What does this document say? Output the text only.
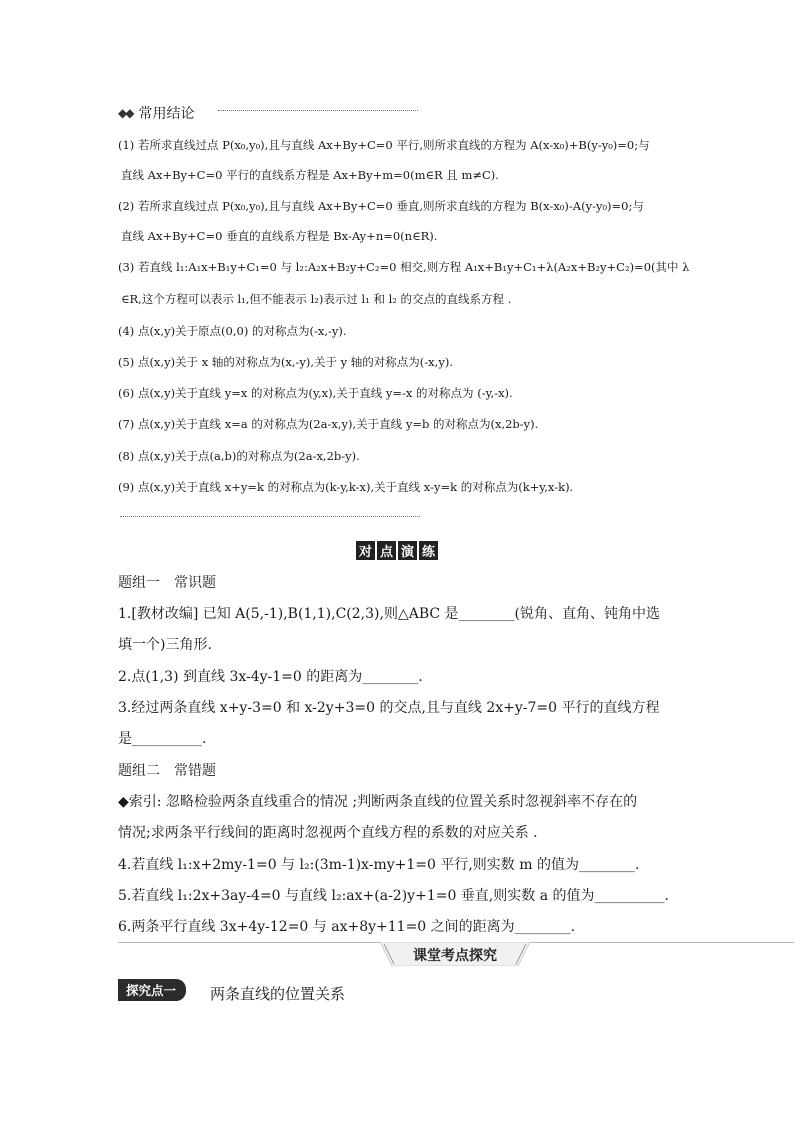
◆◆ 常用结论
(1) 若所求直线过点 P(x₀,y₀),且与直线 Ax+By+C=0 平行,则所求直线的方程为 A(x-x₀)+B(y-y₀)=0;与
直线 Ax+By+C=0 平行的直线系方程是 Ax+By+m=0(m∈R 且 m≠C).
(2) 若所求直线过点 P(x₀,y₀),且与直线 Ax+By+C=0 垂直,则所求直线的方程为 B(x-x₀)-A(y-y₀)=0;与
直线 Ax+By+C=0 垂直的直线系方程是 Bx-Ay+n=0(n∈R).
(3) 若直线 l₁:A₁x+B₁y+C₁=0 与 l₂:A₂x+B₂y+C₂=0 相交,则方程 A₁x+B₁y+C₁+λ(A₂x+B₂y+C₂)=0(其中 λ
∈R,这个方程可以表示 l₁,但不能表示 l₂)表示过 l₁ 和 l₂ 的交点的直线系方程 .
(4) 点(x,y)关于原点(0,0) 的对称点为(-x,-y).
(5) 点(x,y)关于 x 轴的对称点为(x,-y),关于 y 轴的对称点为(-x,y).
(6) 点(x,y)关于直线 y=x 的对称点为(y,x),关于直线 y=-x 的对称点为 (-y,-x).
(7) 点(x,y)关于直线 x=a 的对称点为(2a-x,y),关于直线 y=b 的对称点为(x,2b-y).
(8) 点(x,y)关于点(a,b)的对称点为(2a-x,2b-y).
(9) 点(x,y)关于直线 x+y=k 的对称点为(k-y,k-x),关于直线 x-y=k 的对称点为(k+y,x-k).
对 点 演 练
题组一　常识题
1.[教材改编] 已知 A(5,-1),B(1,1),C(2,3),则△ABC 是________(锐角、直角、钝角中选
填一个)三角形.
2.点(1,3) 到直线 3x-4y-1=0 的距离为________.
3.经过两条直线 x+y-3=0 和 x-2y+3=0 的交点,且与直线 2x+y-7=0 平行的直线方程
是__________.
题组二　常错题
◆索引: 忽略检验两条直线重合的情况 ;判断两条直线的位置关系时忽视斜率不存在的
情况;求两条平行线间的距离时忽视两个直线方程的系数的对应关系 .
4.若直线 l₁:x+2my-1=0 与 l₂:(3m-1)x-my+1=0 平行,则实数 m 的值为________.
5.若直线 l₁:2x+3ay-4=0 与直线 l₂:ax+(a-2)y+1=0 垂直,则实数 a 的值为__________.
6.两条平行直线 3x+4y-12=0 与 ax+8y+11=0 之间的距离为________.
课堂考点探究
探究点一	两条直线的位置关系
